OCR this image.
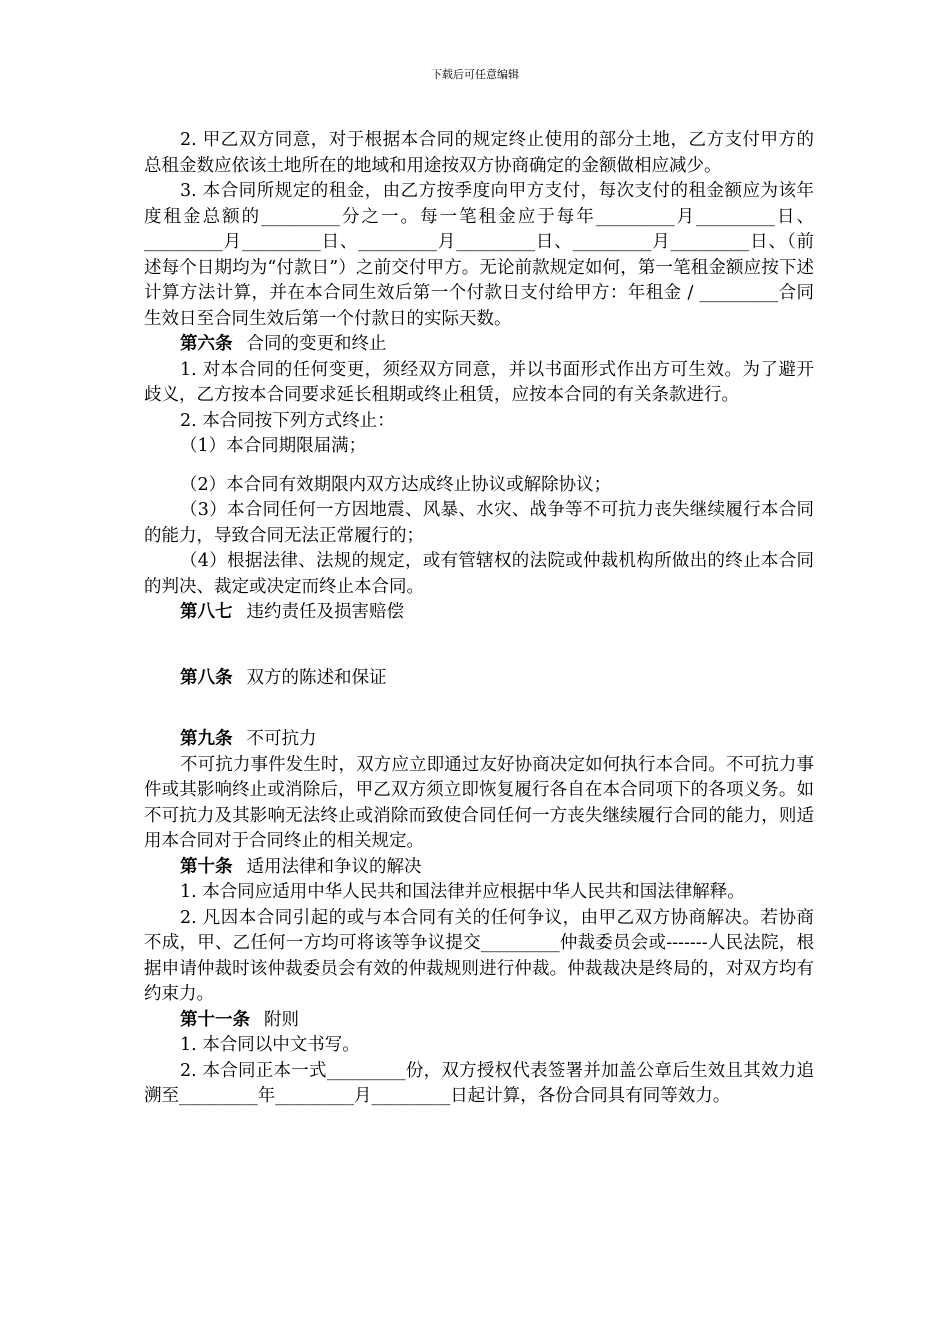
下载后可任意编辑

2. 甲乙双方同意，对于根据本合同的规定终止使用的部分土地，乙方支付甲方的总租金数应依该土地所在的地域和用途按双方协商确定的金额做相应减少。

3. 本合同所规定的租金，由乙方按季度向甲方支付，每次支付的租金额应为该年度租金总额的_________分之一。每一笔租金应于每年_________月_________日、_________月_________日、_________月_________日、_________月_________日、（前述每个日期均为“付款日”）之前交付甲方。无论前款规定如何，第一笔租金额应按下述计算方法计算，并在本合同生效后第一个付款日支付给甲方：年租金 / _________合同生效日至合同生效后第一个付款日的实际天数。

第六条 合同的变更和终止

1. 对本合同的任何变更，须经双方同意，并以书面形式作出方可生效。为了避开歧义，乙方按本合同要求延长租期或终止租赁，应按本合同的有关条款进行。

2. 本合同按下列方式终止：

（1）本合同期限届满；

（2）本合同有效期限内双方达成终止协议或解除协议；

（3）本合同任何一方因地震、风暴、水灾、战争等不可抗力丧失继续履行本合同的能力，导致合同无法正常履行的；

（4）根据法律、法规的规定，或有管辖权的法院或仲裁机构所做出的终止本合同的判决、裁定或决定而终止本合同。

第八七 违约责任及损害赔偿

第八条 双方的陈述和保证

第九条 不可抗力

不可抗力事件发生时，双方应立即通过友好协商决定如何执行本合同。不可抗力事件或其影响终止或消除后，甲乙双方须立即恢复履行各自在本合同项下的各项义务。如不可抗力及其影响无法终止或消除而致使合同任何一方丧失继续履行合同的能力，则适用本合同对于合同终止的相关规定。

第十条 适用法律和争议的解决

1. 本合同应适用中华人民共和国法律并应根据中华人民共和国法律解释。

2. 凡因本合同引起的或与本合同有关的任何争议，由甲乙双方协商解决。若协商不成，甲、乙任何一方均可将该等争议提交_________仲裁委员会或-------人民法院，根据申请仲裁时该仲裁委员会有效的仲裁规则进行仲裁。仲裁裁决是终局的，对双方均有约束力。

第十一条 附则

1. 本合同以中文书写。

2. 本合同正本一式_________份，双方授权代表签署并加盖公章后生效且其效力追溯至_________年_________月_________日起计算，各份合同具有同等效力。
